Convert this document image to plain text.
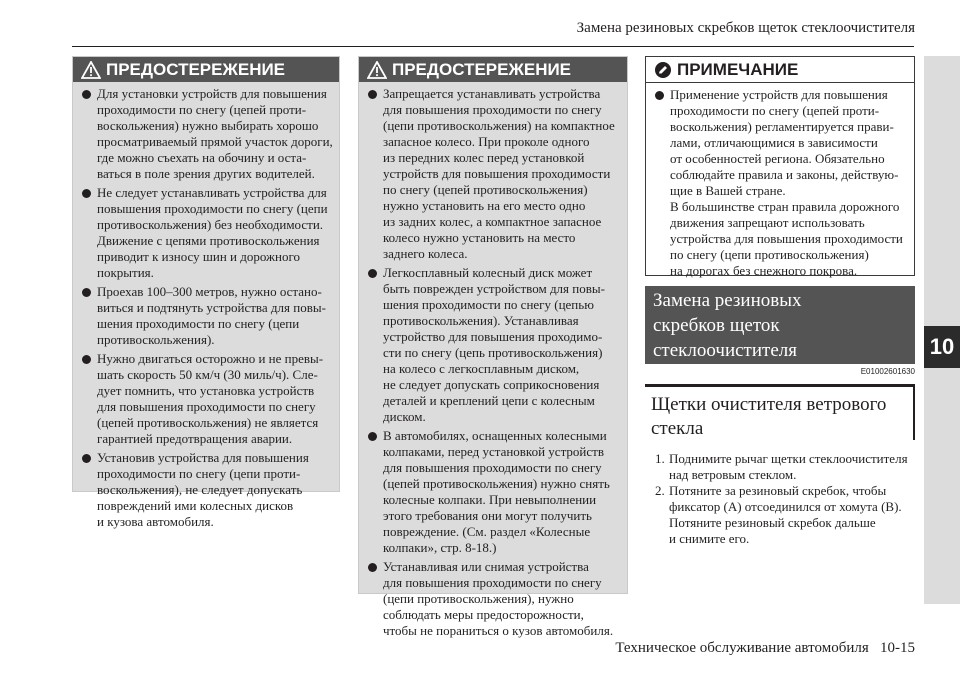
Замена резиновых скребков щеток стеклоочистителя
10
ПРЕДОСТЕРЕЖЕНИЕ
Для установки устройств для повышения
проходимости по снегу (цепей проти-
воскольжения) нужно выбирать хорошо
просматриваемый прямой участок дороги,
где можно съехать на обочину и оста-
ваться в поле зрения других водителей.
Не следует устанавливать устройства для
повышения проходимости по снегу (цепи
противоскольжения) без необходимости.
Движение с цепями противоскольжения
приводит к износу шин и дорожного
покрытия.
Проехав 100–300 метров, нужно остано-
виться и подтянуть устройства для повы-
шения проходимости по снегу (цепи
противоскольжения).
Нужно двигаться осторожно и не превы-
шать скорость 50 км/ч (30 миль/ч). Сле-
дует помнить, что установка устройств
для повышения проходимости по снегу
(цепей противоскольжения) не является
гарантией предотвращения аварии.
Установив устройства для повышения
проходимости по снегу (цепи проти-
воскольжения), не следует допускать
повреждений ими колесных дисков
и кузова автомобиля.
ПРЕДОСТЕРЕЖЕНИЕ
Запрещается устанавливать устройства
для повышения проходимости по снегу
(цепи противоскольжения) на компактное
запасное колесо. При проколе одного
из передних колес перед установкой
устройств для повышения проходимости
по снегу (цепей противоскольжения)
нужно установить на его место одно
из задних колес, а компактное запасное
колесо нужно установить на место
заднего колеса.
Легкосплавный колесный диск может
быть поврежден устройством для повы-
шения проходимости по снегу (цепью
противоскольжения). Устанавливая
устройство для повышения проходимо-
сти по снегу (цепь противоскольжения)
на колесо с легкосплавным диском,
не следует допускать соприкосновения
деталей и креплений цепи с колесным
диском.
В автомобилях, оснащенных колесными
колпаками, перед установкой устройств
для повышения проходимости по снегу
(цепей противоскольжения) нужно снять
колесные колпаки. При невыполнении
этого требования они могут получить
повреждение. (См. раздел «Колесные
колпаки», стр. 8-18.)
Устанавливая или снимая устройства
для повышения проходимости по снегу
(цепи противоскольжения), нужно
соблюдать меры предосторожности,
чтобы не пораниться о кузов автомобиля.
ПРИМЕЧАНИЕ
Применение устройств для повышения
проходимости по снегу (цепей проти-
воскольжения) регламентируется прави-
лами, отличающимися в зависимости
от особенностей региона. Обязательно
соблюдайте правила и законы, действую-
щие в Вашей стране.
В большинстве стран правила дорожного
движения запрещают использовать
устройства для повышения проходимости
по снегу (цепи противоскольжения)
на дорогах без снежного покрова.
Замена резиновых
скребков щеток
стеклоочистителя
E01002601630
Щетки очистителя ветрового
стекла
1. Поднимите рычаг щетки стеклоочистителя
над ветровым стеклом.
2. Потяните за резиновый скребок, чтобы
фиксатор (A) отсоединился от хомута (B).
Потяните резиновый скребок дальше
и снимите его.
Техническое обслуживание автомобиля   10-15
